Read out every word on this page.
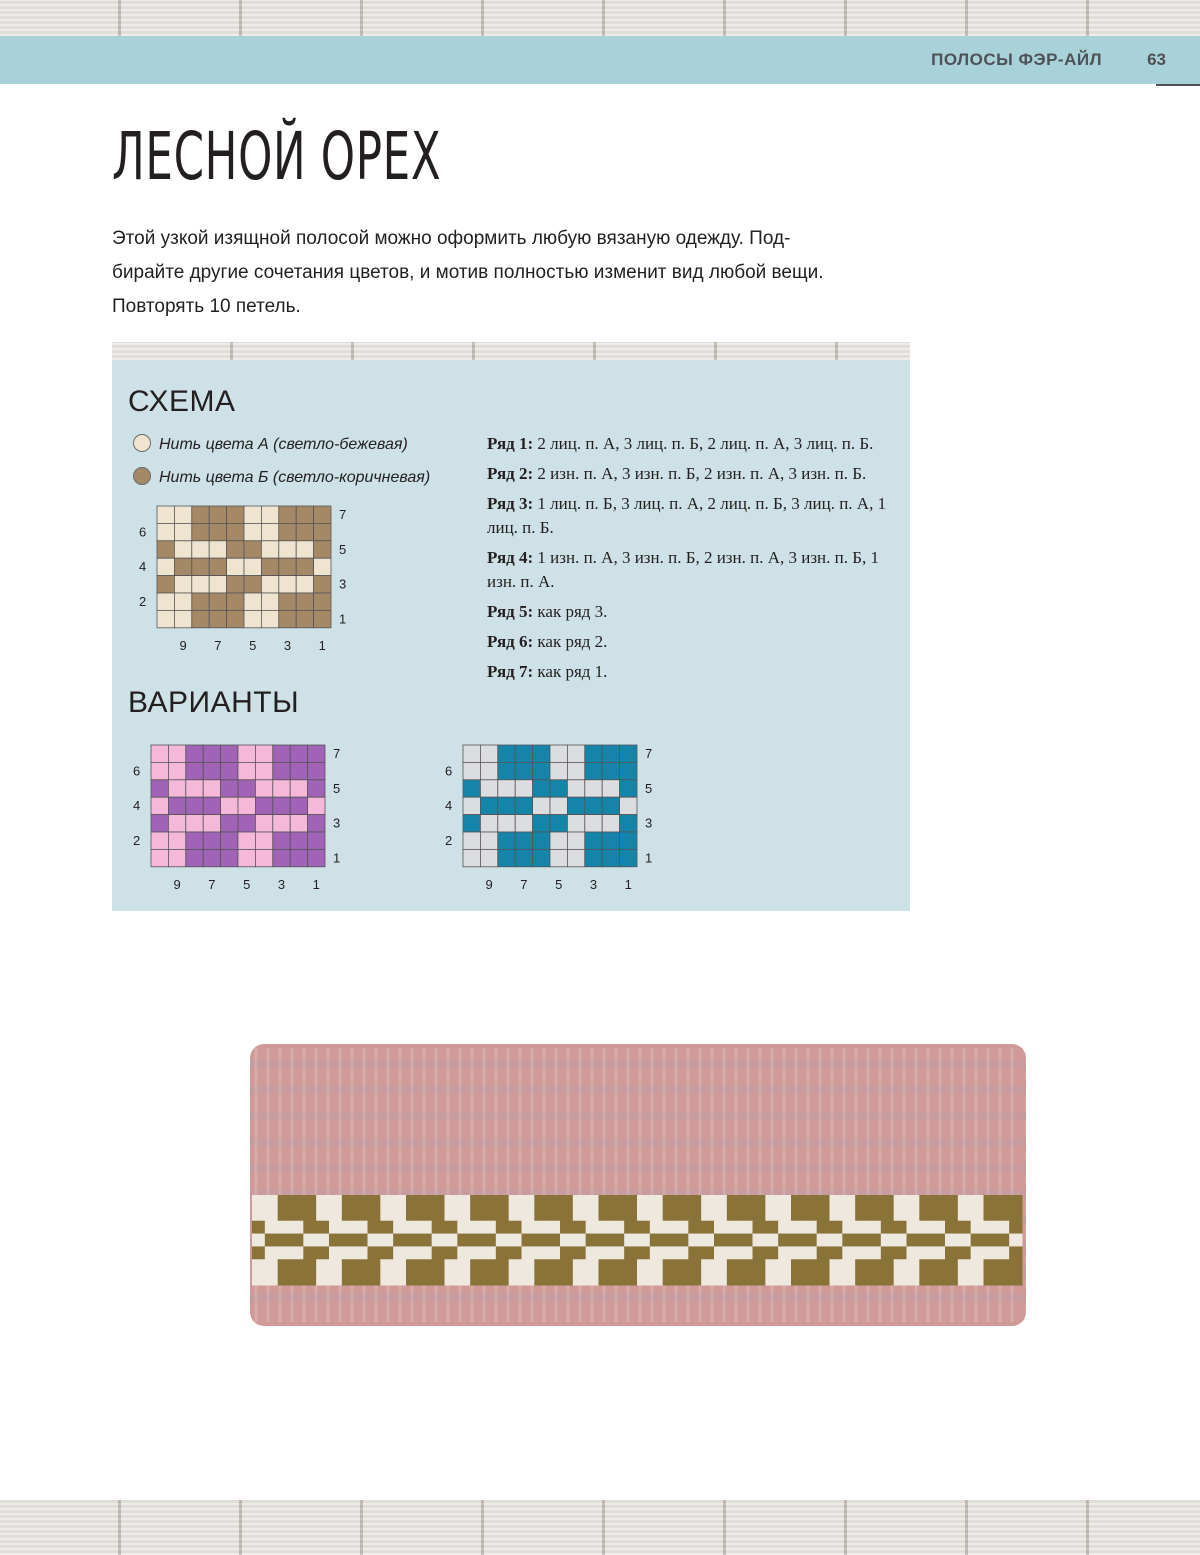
ПОЛОСЫ ФЭР-АЙЛ	63
ЛЕСНОЙ ОРЕХ

Этой узкой изящной полосой можно оформить любую вязаную одежду. Под-

бирайте другие сочетания цветов, и мотив полностью изменит вид любой вещи.

Повторять 10 петель.

СХЕМА
Нить цвета А (светло-бежевая)
Нить цвета Б (светло-коричневая)

Ряд 1: 2 лиц. п. А, 3 лиц. п. Б, 2 лиц. п. А, 3 лиц. п. Б.

Ряд 2: 2 изн. п. А, 3 изн. п. Б, 2 изн. п. А, 3 изн. п. Б.

Ряд 3: 1 лиц. п. Б, 3 лиц. п. А, 2 лиц. п. Б, 3 лиц. п. А, 1 лиц. п. Б.

Ряд 4: 1 изн. п. А, 3 изн. п. Б, 2 изн. п. А, 3 изн. п. Б, 1 изн. п. А.

Ряд 5: как ряд 3.

Ряд 6: как ряд 2.

Ряд 7: как ряд 1.

ВАРИАНТЫ
6
4
2
7
5
3
1
9 7 5 3 1
6
4
2
7
5
3
1
9 7 5 3 1
6
4
2
7
5
3
1
9 7 5 3 1
